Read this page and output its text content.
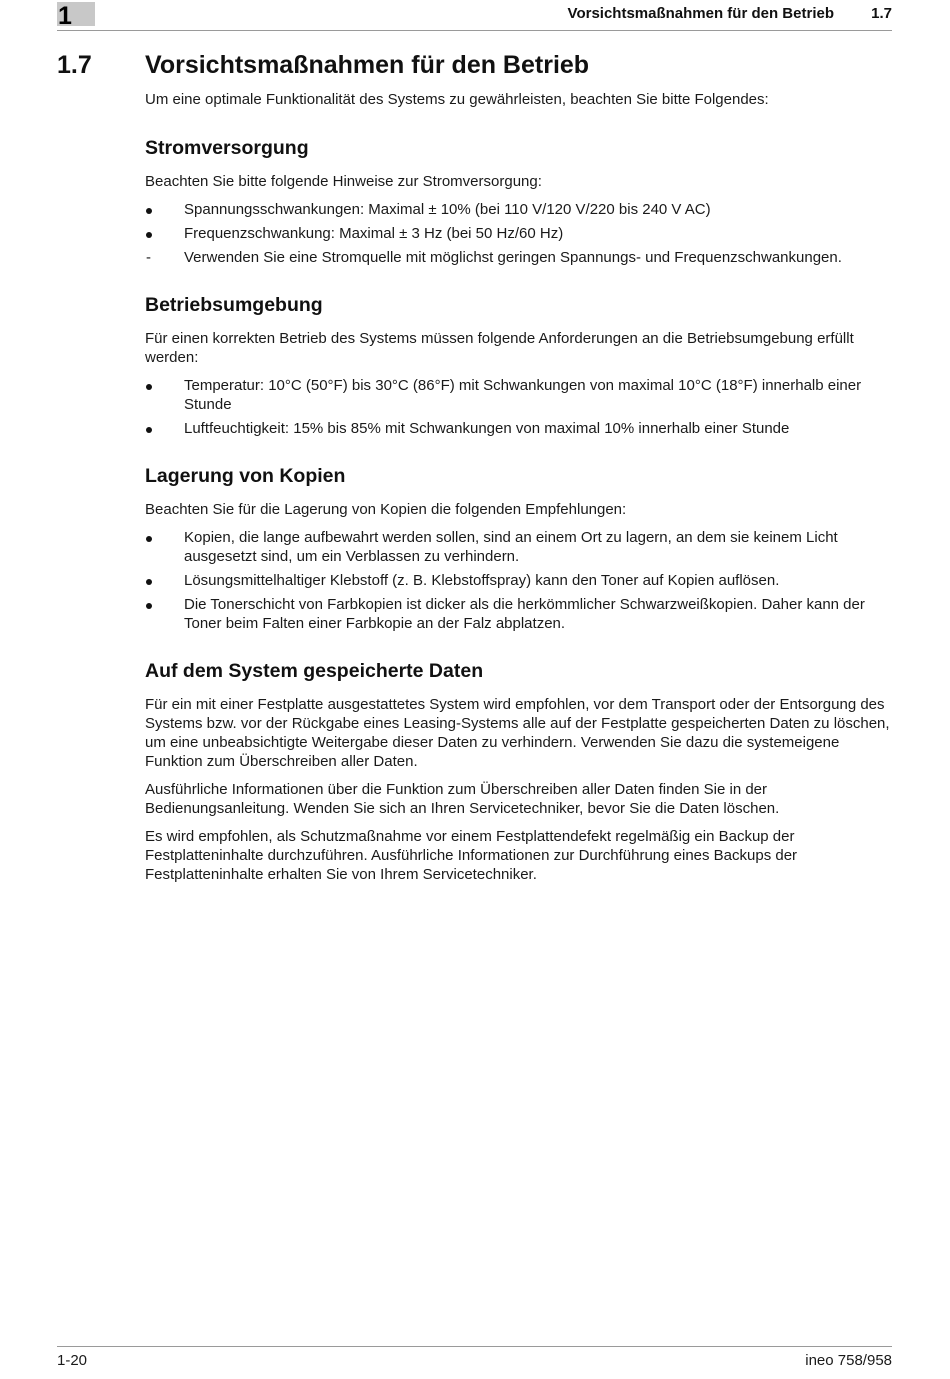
1	Vorsichtsmaßnahmen für den Betrieb 1.7
1.7 Vorsichtsmaßnahmen für den Betrieb

Um eine optimale Funktionalität des Systems zu gewährleisten, beachten Sie bitte Folgendes:

Stromversorgung

Beachten Sie bitte folgende Hinweise zur Stromversorgung:

Spannungsschwankungen: Maximal ± 10% (bei 110 V/120 V/220 bis 240 V AC)
Frequenzschwankung: Maximal ± 3 Hz (bei 50 Hz/60 Hz)
-	Verwenden Sie eine Stromquelle mit möglichst geringen Spannungs- und Frequenzschwankungen.
Betriebsumgebung

Für einen korrekten Betrieb des Systems müssen folgende Anforderungen an die Betriebsumgebung erfüllt werden:

Temperatur: 10°C (50°F) bis 30°C (86°F) mit Schwankungen von maximal 10°C (18°F) innerhalb einer Stunde
Luftfeuchtigkeit: 15% bis 85% mit Schwankungen von maximal 10% innerhalb einer Stunde
Lagerung von Kopien

Beachten Sie für die Lagerung von Kopien die folgenden Empfehlungen:

Kopien, die lange aufbewahrt werden sollen, sind an einem Ort zu lagern, an dem sie keinem Licht ausgesetzt sind, um ein Verblassen zu verhindern.
Lösungsmittelhaltiger Klebstoff (z. B. Klebstoffspray) kann den Toner auf Kopien auflösen.
Die Tonerschicht von Farbkopien ist dicker als die herkömmlicher Schwarzweißkopien. Daher kann der Toner beim Falten einer Farbkopie an der Falz abplatzen.
Auf dem System gespeicherte Daten

Für ein mit einer Festplatte ausgestattetes System wird empfohlen, vor dem Transport oder der Entsorgung des Systems bzw. vor der Rückgabe eines Leasing-Systems alle auf der Festplatte gespeicherten Daten zu löschen, um eine unbeabsichtigte Weitergabe dieser Daten zu verhindern. Verwenden Sie dazu die systemeigene Funktion zum Überschreiben aller Daten.

Ausführliche Informationen über die Funktion zum Überschreiben aller Daten finden Sie in der Bedienungsanleitung. Wenden Sie sich an Ihren Servicetechniker, bevor Sie die Daten löschen.

Es wird empfohlen, als Schutzmaßnahme vor einem Festplattendefekt regelmäßig ein Backup der Festplatteninhalte durchzuführen. Ausführliche Informationen zur Durchführung eines Backups der Festplatteninhalte erhalten Sie von Ihrem Servicetechniker.

1-20	ineo 758/958
